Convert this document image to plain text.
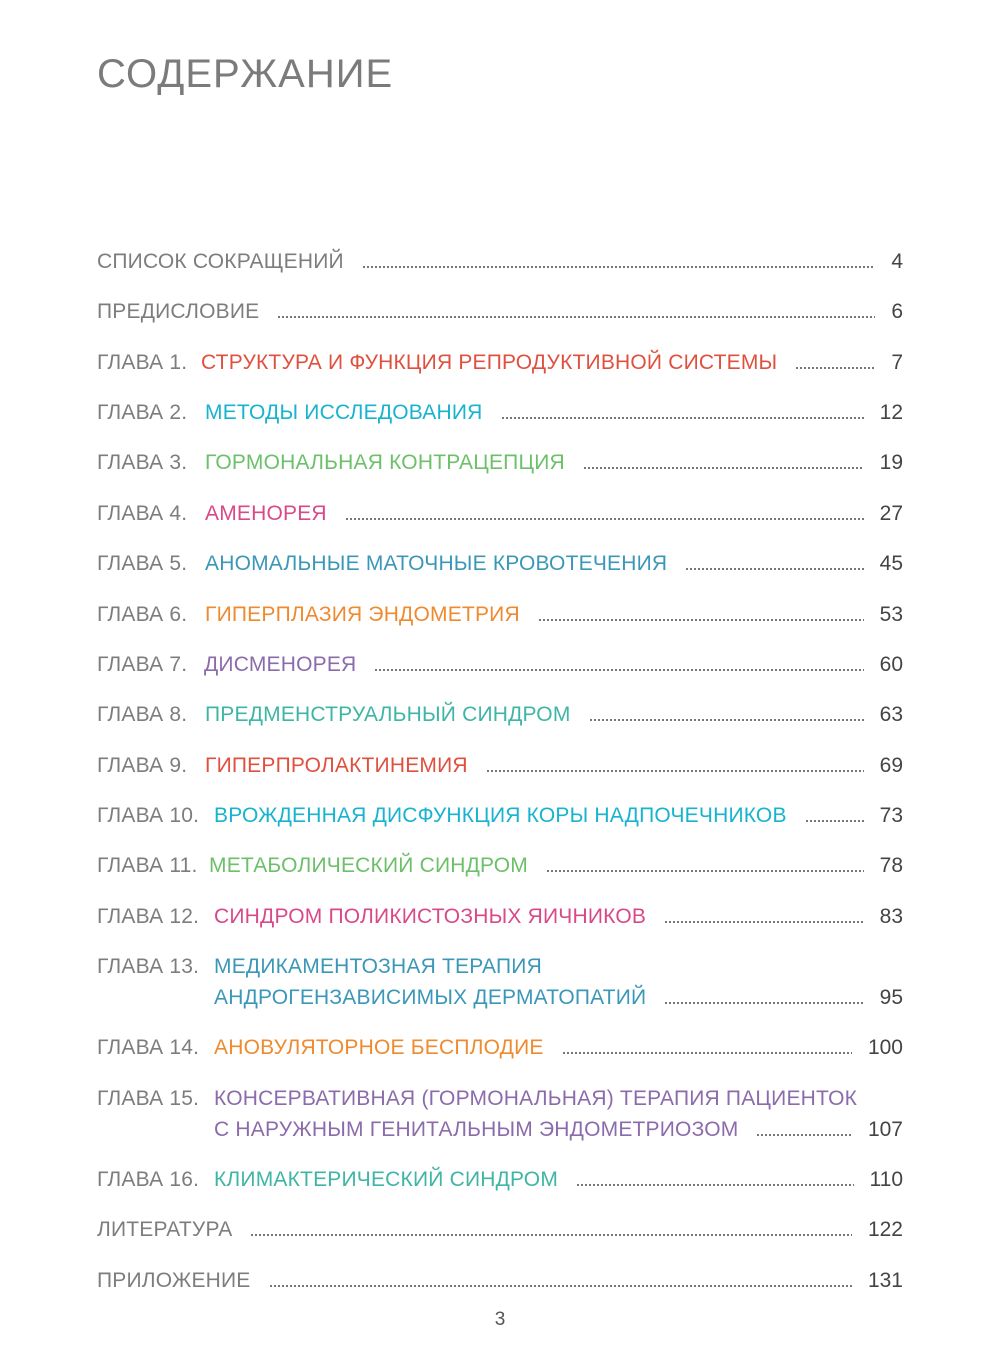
СОДЕРЖАНИЕ
СПИСОК СОКРАЩЕНИЙ	4
ПРЕДИСЛОВИЕ	6
ГЛАВА 1. СТРУКТУРА И ФУНКЦИЯ РЕПРОДУКТИВНОЙ СИСТЕМЫ	7
ГЛАВА 2. МЕТОДЫ ИССЛЕДОВАНИЯ	12
ГЛАВА 3. ГОРМОНАЛЬНАЯ КОНТРАЦЕПЦИЯ	19
ГЛАВА 4. АМЕНОРЕЯ	27
ГЛАВА 5. АНОМАЛЬНЫЕ МАТОЧНЫЕ КРОВОТЕЧЕНИЯ	45
ГЛАВА 6. ГИПЕРПЛАЗИЯ ЭНДОМЕТРИЯ	53
ГЛАВА 7. ДИСМЕНОРЕЯ	60
ГЛАВА 8. ПРЕДМЕНСТРУАЛЬНЫЙ СИНДРОМ	63
ГЛАВА 9. ГИПЕРПРОЛАКТИНЕМИЯ	69
ГЛАВА 10. ВРОЖДЕННАЯ ДИСФУНКЦИЯ КОРЫ НАДПОЧЕЧНИКОВ	73
ГЛАВА 11. МЕТАБОЛИЧЕСКИЙ СИНДРОМ	78
ГЛАВА 12. СИНДРОМ ПОЛИКИСТОЗНЫХ ЯИЧНИКОВ	83
ГЛАВА 13. МЕДИКАМЕНТОЗНАЯ ТЕРАПИЯ
АНДРОГЕНЗАВИСИМЫХ ДЕРМАТОПАТИЙ	95
ГЛАВА 14. АНОВУЛЯТОРНОЕ БЕСПЛОДИЕ	100
ГЛАВА 15. КОНСЕРВАТИВНАЯ (ГОРМОНАЛЬНАЯ) ТЕРАПИЯ ПАЦИЕНТОК
С НАРУЖНЫМ ГЕНИТАЛЬНЫМ ЭНДОМЕТРИОЗОМ	107
ГЛАВА 16. КЛИМАКТЕРИЧЕСКИЙ СИНДРОМ	110
ЛИТЕРАТУРА	122
ПРИЛОЖЕНИЕ	131
3
